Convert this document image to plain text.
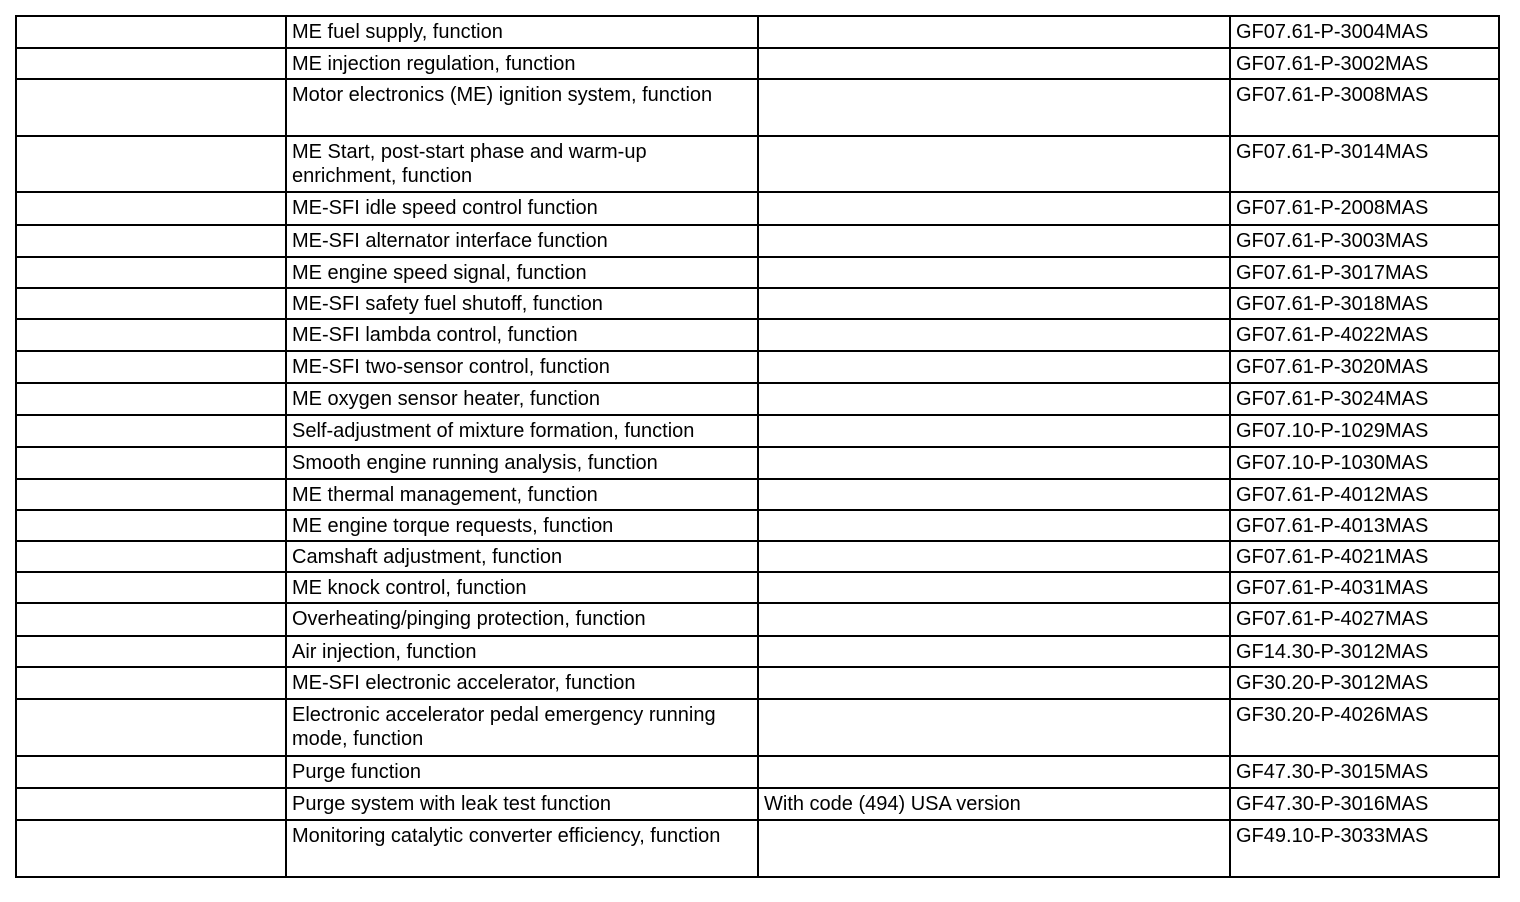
	ME fuel supply, function		GF07.61-P-3004MAS
	ME injection regulation, function		GF07.61-P-3002MAS
	Motor electronics (ME) ignition system, function		GF07.61-P-3008MAS
	ME Start, post-start phase and warm-up enrichment, function		GF07.61-P-3014MAS
	ME-SFI idle speed control function		GF07.61-P-2008MAS
	ME-SFI alternator interface function		GF07.61-P-3003MAS
	ME engine speed signal, function		GF07.61-P-3017MAS
	ME-SFI safety fuel shutoff, function		GF07.61-P-3018MAS
	ME-SFI lambda control, function		GF07.61-P-4022MAS
	ME-SFI two-sensor control, function		GF07.61-P-3020MAS
	ME oxygen sensor heater, function		GF07.61-P-3024MAS
	Self-adjustment of mixture formation, function		GF07.10-P-1029MAS
	Smooth engine running analysis, function		GF07.10-P-1030MAS
	ME thermal management, function		GF07.61-P-4012MAS
	ME engine torque requests, function		GF07.61-P-4013MAS
	Camshaft adjustment, function		GF07.61-P-4021MAS
	ME knock control, function		GF07.61-P-4031MAS
	Overheating/pinging protection, function		GF07.61-P-4027MAS
	Air injection, function		GF14.30-P-3012MAS
	ME-SFI electronic accelerator, function		GF30.20-P-3012MAS
	Electronic accelerator pedal emergency running mode, function		GF30.20-P-4026MAS
	Purge function		GF47.30-P-3015MAS
	Purge system with leak test function	With code (494) USA version	GF47.30-P-3016MAS
	Monitoring catalytic converter efficiency, function		GF49.10-P-3033MAS
